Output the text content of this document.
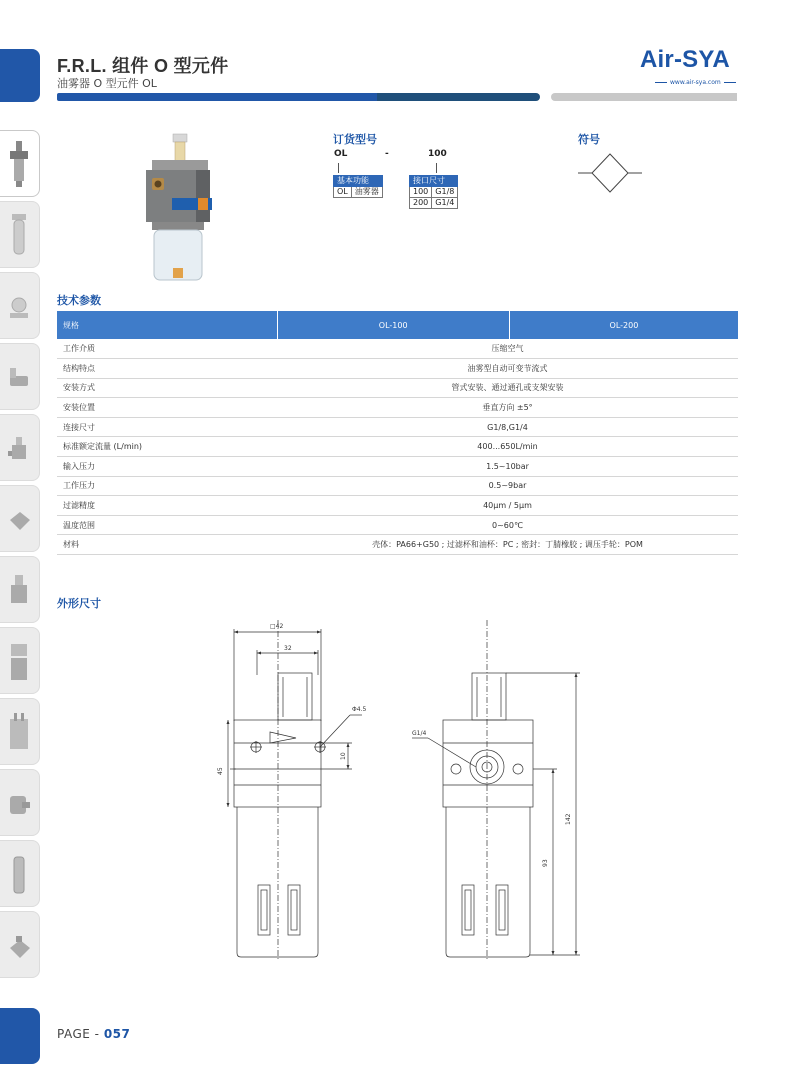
F.R.L. 组件 O 型元件
油雾器 O 型元件 OL
Air-SYA
www.air-sya.com
订货型号
OL	-	100
基本功能
OL	油雾器
接口尺寸	
100	G1/8
200	G1/4
符号
技术参数
规格	OL-100	OL-200
工作介质	压缩空气	
结构特点	油雾型自动可变节流式	
安装方式	管式安装、通过通孔或支架安装	
安装位置	垂直方向 ±5°	
连接尺寸	G1/8,G1/4	
标准额定流量 (L/min)	400...650L/min	
输入压力	1.5~10bar	
工作压力	0.5~9bar	
过滤精度	40μm / 5μm	
温度范围	0~60℃	
材料	壳体：PA66+G50 ; 过滤杯和油杯：PC ; 密封：丁腈橡胶 ; 调压手轮：POM	
外形尺寸
□42
32
Φ4.5
45
10
G1/4
142
93
PAGE - 057
